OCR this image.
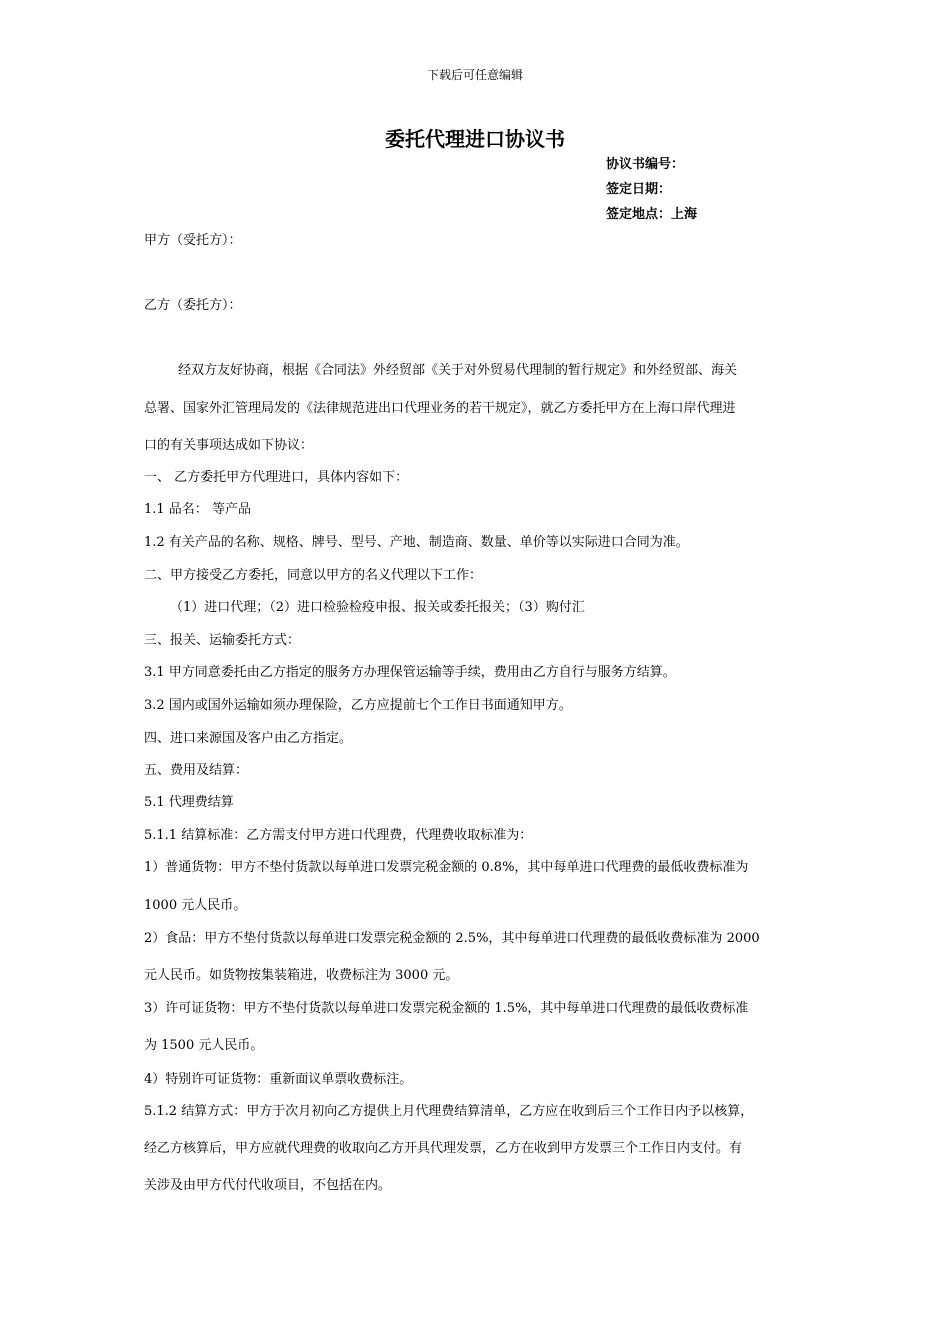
下载后可任意编辑
委托代理进口协议书
协议书编号：
签定日期：
签定地点：上海
甲方（受托方）：
乙方（委托方）：
经双方友好协商，根据《合同法》外经贸部《关于对外贸易代理制的暂行规定》和外经贸部、海关
总署、国家外汇管理局发的《法律规范进出口代理业务的若干规定》，就乙方委托甲方在上海口岸代理进
口的有关事项达成如下协议：
一、 乙方委托甲方代理进口，具体内容如下：
1.1 品名： 等产品
1.2 有关产品的名称、规格、牌号、型号、产地、制造商、数量、单价等以实际进口合同为准。
二、甲方接受乙方委托，同意以甲方的名义代理以下工作：
（1）进口代理；（2）进口检验检疫申报、报关或委托报关；（3）购付汇
三、报关、运输委托方式：
3.1 甲方同意委托由乙方指定的服务方办理保管运输等手续，费用由乙方自行与服务方结算。
3.2 国内或国外运输如须办理保险，乙方应提前七个工作日书面通知甲方。
四、进口来源国及客户由乙方指定。
五、费用及结算：
5.1 代理费结算
5.1.1 结算标准：乙方需支付甲方进口代理费，代理费收取标准为：
1）普通货物：甲方不垫付货款以每单进口发票完税金额的 0.8%，其中每单进口代理费的最低收费标准为
1000 元人民币。
2）食品：甲方不垫付货款以每单进口发票完税金额的 2.5%，其中每单进口代理费的最低收费标准为 2000
元人民币。如货物按集装箱进，收费标注为 3000 元。
3）许可证货物：甲方不垫付货款以每单进口发票完税金额的 1.5%，其中每单进口代理费的最低收费标准
为 1500 元人民币。
4）特别许可证货物：重新面议单票收费标注。
5.1.2 结算方式：甲方于次月初向乙方提供上月代理费结算清单，乙方应在收到后三个工作日内予以核算，
经乙方核算后，甲方应就代理费的收取向乙方开具代理发票，乙方在收到甲方发票三个工作日内支付。有
关涉及由甲方代付代收项目，不包括在内。
